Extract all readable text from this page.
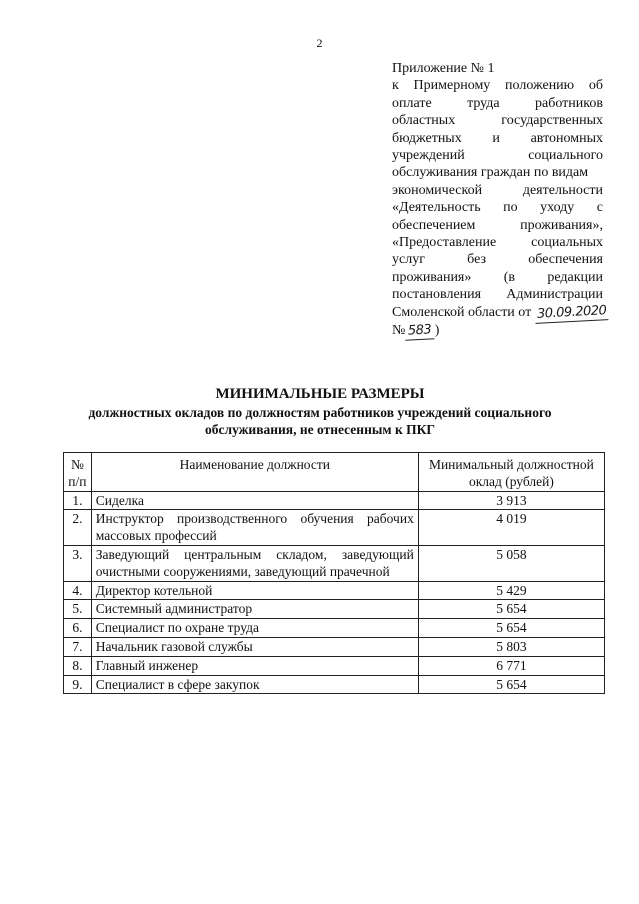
2
Приложение № 1
к Примерному положению об
оплате труда работников
областных государственных
бюджетных и автономных
учреждений социального
обслуживания граждан по видам
экономической деятельности
«Деятельность по уходу с
обеспечением проживания»,
«Предоставление социальных
услуг без обеспечения
проживания» (в редакции
постановления Администрации
Смоленской области от 30.09.2020
№ 583 )
МИНИМАЛЬНЫЕ РАЗМЕРЫ
должностных окладов по должностям работников учреждений социального
обслуживания, не отнесенным к ПКГ
№ п/п	Наименование должности	Минимальный должностной оклад (рублей)
1.	Сиделка	3 913
2.	Инструктор производственного обучения рабочих массовых профессий	4 019
3.	Заведующий центральным складом, заведующий очистными сооружениями, заведующий прачечной	5 058
4.	Директор котельной	5 429
5.	Системный администратор	5 654
6.	Специалист по охране труда	5 654
7.	Начальник газовой службы	5 803
8.	Главный инженер	6 771
9.	Специалист в сфере закупок	5 654
